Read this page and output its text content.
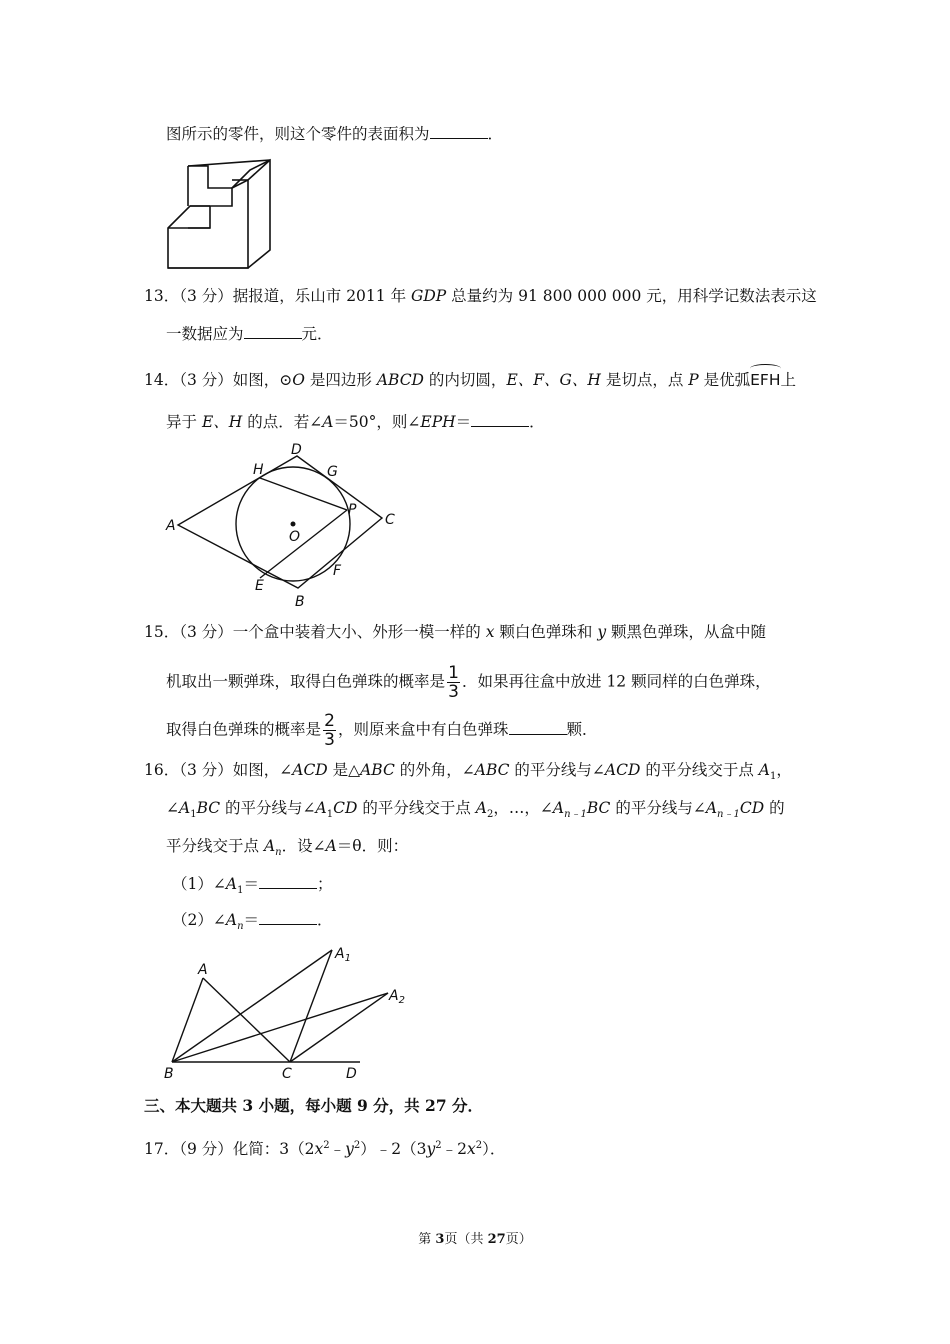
图所示的零件，则这个零件的表面积为	．
13．（3 分）据报道，乐山市 2011 年 GDP 总量约为 91 800 000 000 元，用科学记数法表示这
一数据应为	元．
14．（3 分）如图，⊙O 是四边形 ABCD 的内切圆，E、F、G、H 是切点，点 P 是优弧
EFH上
异于 E、H 的点．若∠A＝50°，则∠EPH＝	．
A
D
H	G
P
C
O
E
F
B
15．（3 分）一个盒中装着大小、外形一模一样的 x 颗白色弹珠和 y 颗黑色弹珠，从盒中随
机取出一颗弹珠，取得白色弹珠的概率是 $\frac{1}{3}$ ．如果再往盒中放进 12 颗同样的白色弹珠，
取得白色弹珠的概率是 $\frac{2}{3}$ ，则原来盒中有白色弹珠	颗．
16．（3 分）如图，∠ACD 是△ABC 的外角，∠ABC 的平分线与∠ACD 的平分线交于点 $A_1$，
$\angle A_1BC$ 的平分线与$\angle A_1CD$ 的平分线交于点 $A_2$，…，$\angle A_{n﹣1}BC$ 的平分线与$\angle A_{n﹣1}CD$ 的
平分线交于点 $A_n$．设∠A＝θ．则：
$(1)\angle A_1=$	；
$(2)\angle A_n=$	．
A
$A_1$
$A_2$
B	C	D
三、本大题共 3 小题，每小题 9 分，共 27 分．
17．（9 分）化简：$3(2x^2﹣y^2)﹣2(3y^2﹣2x^2)$．
第 3页（共 27页）
